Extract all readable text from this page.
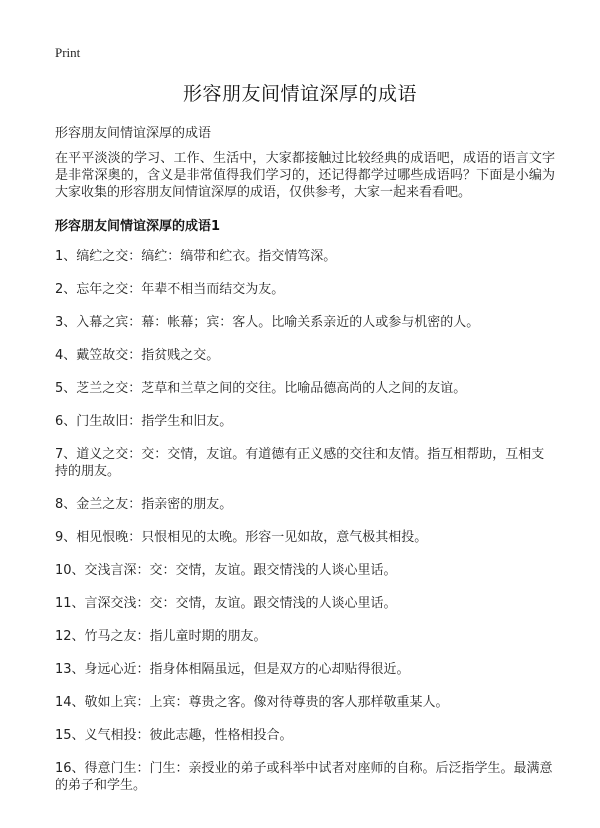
Print
形容朋友间情谊深厚的成语
形容朋友间情谊深厚的成语

在平平淡淡的学习、工作、生活中，大家都接触过比较经典的成语吧，成语的语言文字是非常深奥的，含义是非常值得我们学习的，还记得都学过哪些成语吗？下面是小编为大家收集的形容朋友间情谊深厚的成语，仅供参考，大家一起来看看吧。

形容朋友间情谊深厚的成语1
1、缟纻之交：缟纻：缟带和纻衣。指交情笃深。
2、忘年之交：年辈不相当而结交为友。
3、入幕之宾：幕：帐幕；宾：客人。比喻关系亲近的人或参与机密的人。
4、戴笠故交：指贫贱之交。
5、芝兰之交：芝草和兰草之间的交往。比喻品德高尚的人之间的友谊。
6、门生故旧：指学生和旧友。
7、道义之交：交：交情，友谊。有道德有正义感的交往和友情。指互相帮助，互相支持的朋友。
8、金兰之友：指亲密的朋友。
9、相见恨晚：只恨相见的太晚。形容一见如故，意气极其相投。
10、交浅言深：交：交情，友谊。跟交情浅的人谈心里话。
11、言深交浅：交：交情，友谊。跟交情浅的人谈心里话。
12、竹马之友：指儿童时期的朋友。
13、身远心近：指身体相隔虽远，但是双方的心却贴得很近。
14、敬如上宾：上宾：尊贵之客。像对待尊贵的客人那样敬重某人。
15、义气相投：彼此志趣，性格相投合。
16、得意门生：门生：亲授业的弟子或科举中试者对座师的自称。后泛指学生。最满意的弟子和学生。
